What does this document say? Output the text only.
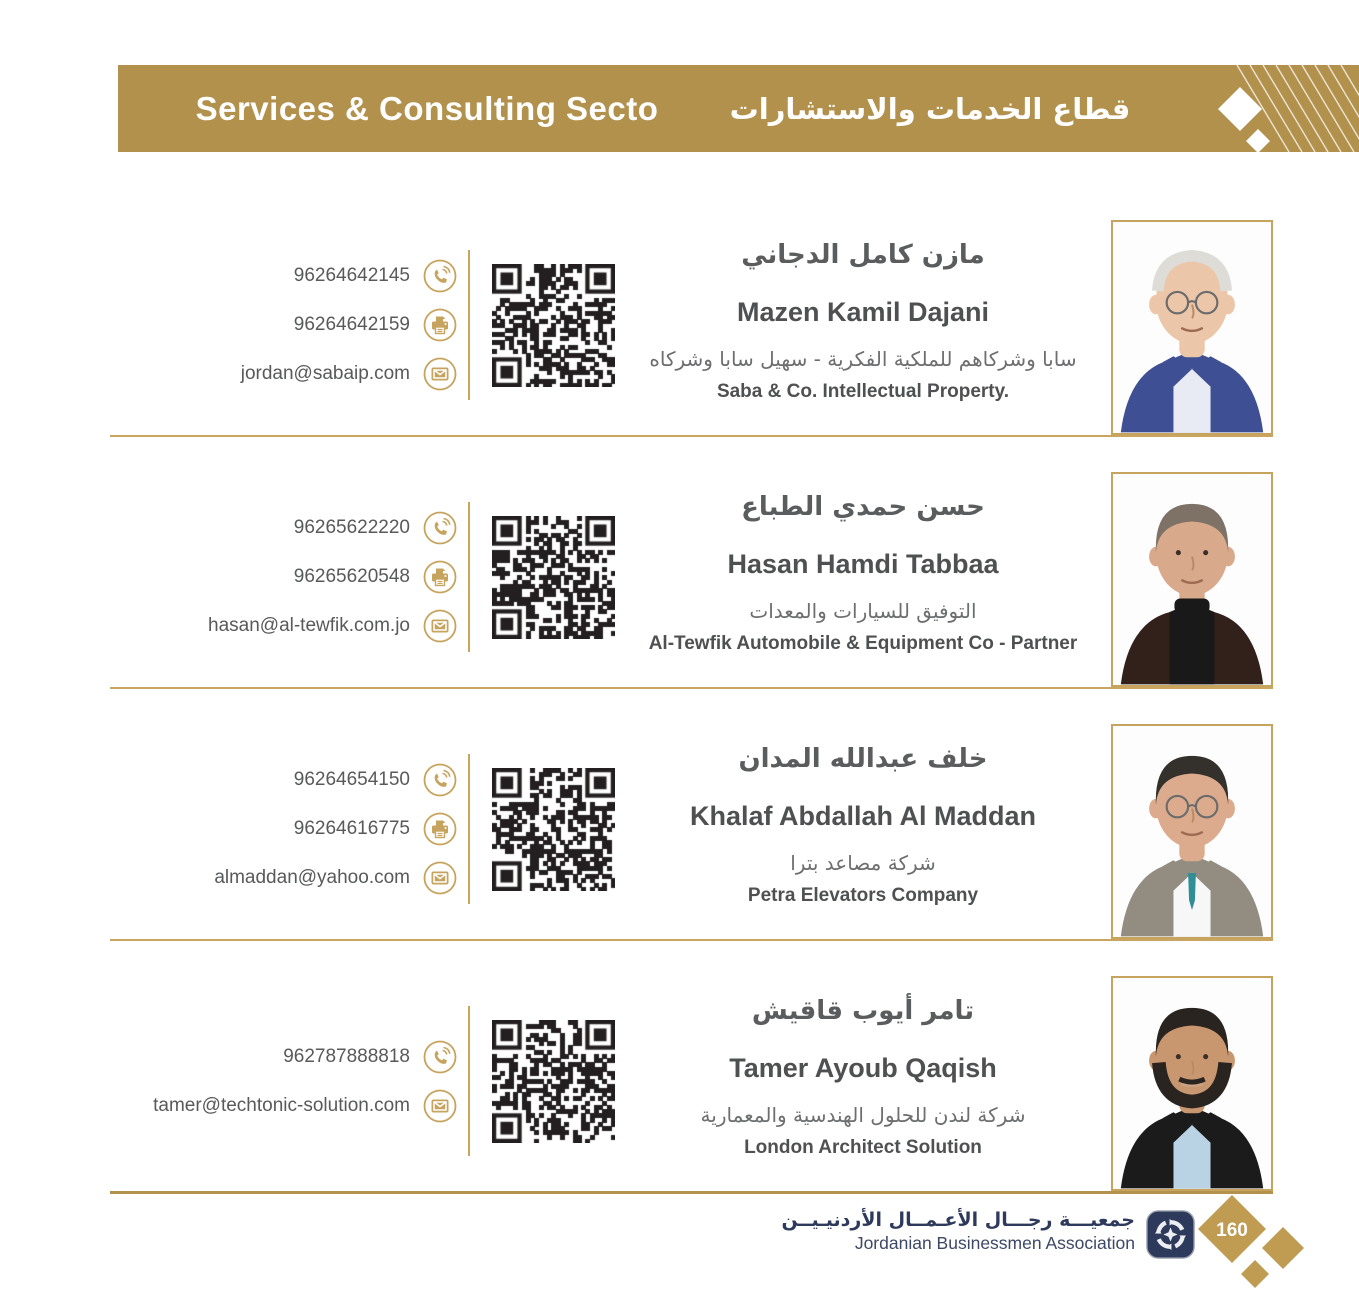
Services & Consulting Secto قطاع الخدمات والاستشارات
96264642145
96264642159
jordan@sabaip.com
مازن كامل الدجاني
Mazen Kamil Dajani
سابا وشركاهم للملكية الفكرية - سهيل سابا وشركاه
Saba & Co. Intellectual Property.
96265622220
96265620548
hasan@al-tewfik.com.jo
حسن حمدي الطباع
Hasan Hamdi Tabbaa
التوفيق للسيارات والمعدات
Al-Tewfik Automobile & Equipment Co - Partner
96264654150
96264616775
almaddan@yahoo.com
خلف عبدالله المدان
Khalaf Abdallah Al Maddan
شركة مصاعد بترا
Petra Elevators Company
962787888818
tamer@techtonic-solution.com
تامر أيوب قاقيش
Tamer Ayoub Qaqish
شركة لندن للحلول الهندسية والمعمارية
London Architect Solution
جمعيـــة رجـــال الأعـمــال الأردنيـيــن
Jordanian Businessmen Association
160
